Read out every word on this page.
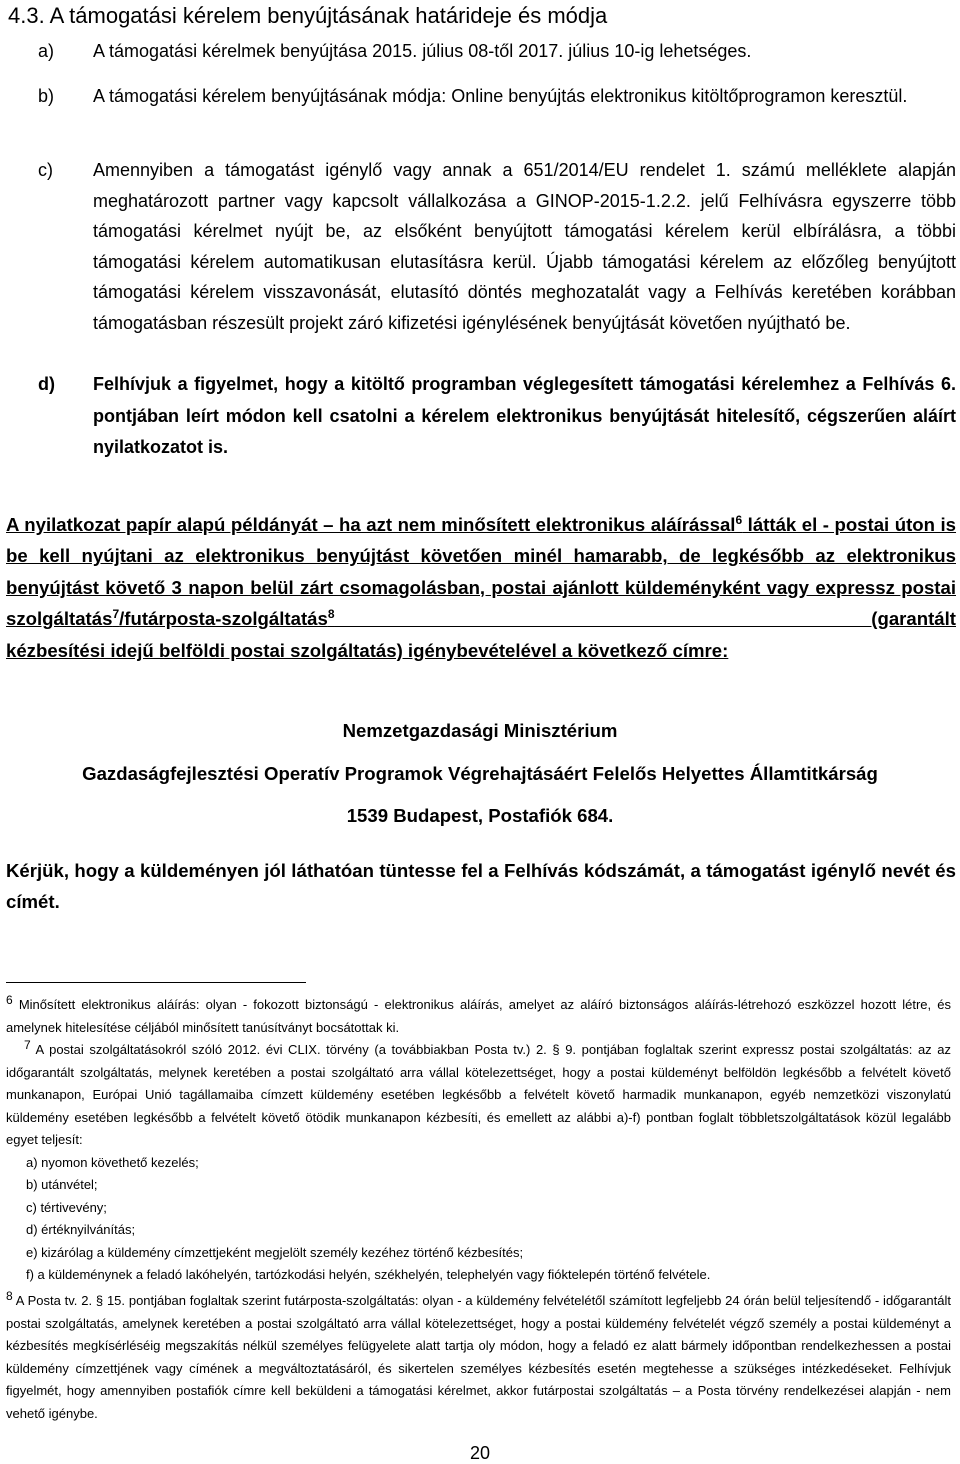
4.3. A támogatási kérelem benyújtásának határideje és módja
a) A támogatási kérelmek benyújtása 2015. július 08-től 2017. július 10-ig lehetséges.
b) A támogatási kérelem benyújtásának módja: Online benyújtás elektronikus kitöltőprogramon keresztül.
c) Amennyiben a támogatást igénylő vagy annak a 651/2014/EU rendelet 1. számú melléklete alapján meghatározott partner vagy kapcsolt vállalkozása a GINOP-2015-1.2.2. jelű Felhívásra egyszerre több támogatási kérelmet nyújt be, az elsőként benyújtott támogatási kérelem kerül elbírálásra, a többi támogatási kérelem automatikusan elutasításra kerül. Újabb támogatási kérelem az előzőleg benyújtott támogatási kérelem visszavonását, elutasító döntés meghozatalát vagy a Felhívás keretében korábban támogatásban részesült projekt záró kifizetési igénylésének benyújtását követően nyújtható be.
d) Felhívjuk a figyelmet, hogy a kitöltő programban véglegesített támogatási kérelemhez a Felhívás 6. pontjában leírt módon kell csatolni a kérelem elektronikus benyújtását hitelesítő, cégszerűen aláírt nyilatkozatot is.
A nyilatkozat papír alapú példányát – ha azt nem minősített elektronikus aláírással$^6$ látták el - postai úton is be kell nyújtani az elektronikus benyújtást követően minél hamarabb, de legkésőbb az elektronikus benyújtást követő 3 napon belül zárt csomagolásban, postai ajánlott küldeményként vagy expressz postai szolgáltatás$^7$/futárposta-szolgáltatás$^8$ (garantált
kézbesítési idejű belföldi postai szolgáltatás) igénybevételével a következő címre:
Nemzetgazdasági Minisztérium
Gazdaságfejlesztési Operatív Programok Végrehajtásáért Felelős Helyettes Államtitkárság
1539 Budapest, Postafiók 684.
Kérjük, hogy a küldeményen jól láthatóan tüntesse fel a Felhívás kódszámát, a támogatást igénylő nevét és címét.
6 Minősített elektronikus aláírás: olyan - fokozott biztonságú - elektronikus aláírás, amelyet az aláíró biztonságos aláírás-létrehozó eszközzel hozott létre, és amelynek hitelesítése céljából minősített tanúsítványt bocsátottak ki.
7 A postai szolgáltatásokról szóló 2012. évi CLIX. törvény (a továbbiakban Posta tv.) 2. § 9. pontjában foglaltak szerint expressz postai szolgáltatás: az az időgarantált szolgáltatás, melynek keretében a postai szolgáltató arra vállal kötelezettséget, hogy a postai küldeményt belföldön legkésőbb a felvételt követő munkanapon, Európai Unió tagállamaiba címzett küldemény esetében legkésőbb a felvételt követő harmadik munkanapon, egyéb nemzetközi viszonylatú küldemény esetében legkésőbb a felvételt követő ötödik munkanapon kézbesíti, és emellett az alábbi a)-f) pontban foglalt többletszolgáltatások közül legalább egyet teljesít:
a) nyomon követhető kezelés;
b) utánvétel;
c) tértivevény;
d) értéknyilvánítás;
e) kizárólag a küldemény címzettjeként megjelölt személy kezéhez történő kézbesítés;
f) a küldeménynek a feladó lakóhelyén, tartózkodási helyén, székhelyén, telephelyén vagy fióktelepén történő felvétele.
8 A Posta tv. 2. § 15. pontjában foglaltak szerint futárposta-szolgáltatás: olyan - a küldemény felvételétől számított legfeljebb 24 órán belül teljesítendő - időgarantált postai szolgáltatás, amelynek keretében a postai szolgáltató arra vállal kötelezettséget, hogy a postai küldemény felvételét végző személy a postai küldeményt a kézbesítés megkísérléséig megszakítás nélkül személyes felügyelete alatt tartja oly módon, hogy a feladó ez alatt bármely időpontban rendelkezhessen a postai küldemény címzettjének vagy címének a megváltoztatásáról, és sikertelen személyes kézbesítés esetén megtehesse a szükséges intézkedéseket. Felhívjuk figyelmét, hogy amennyiben postafiók címre kell beküldeni a támogatási kérelmet, akkor futárpostai szolgáltatás – a Posta törvény rendelkezései alapján - nem vehető igénybe.
20
